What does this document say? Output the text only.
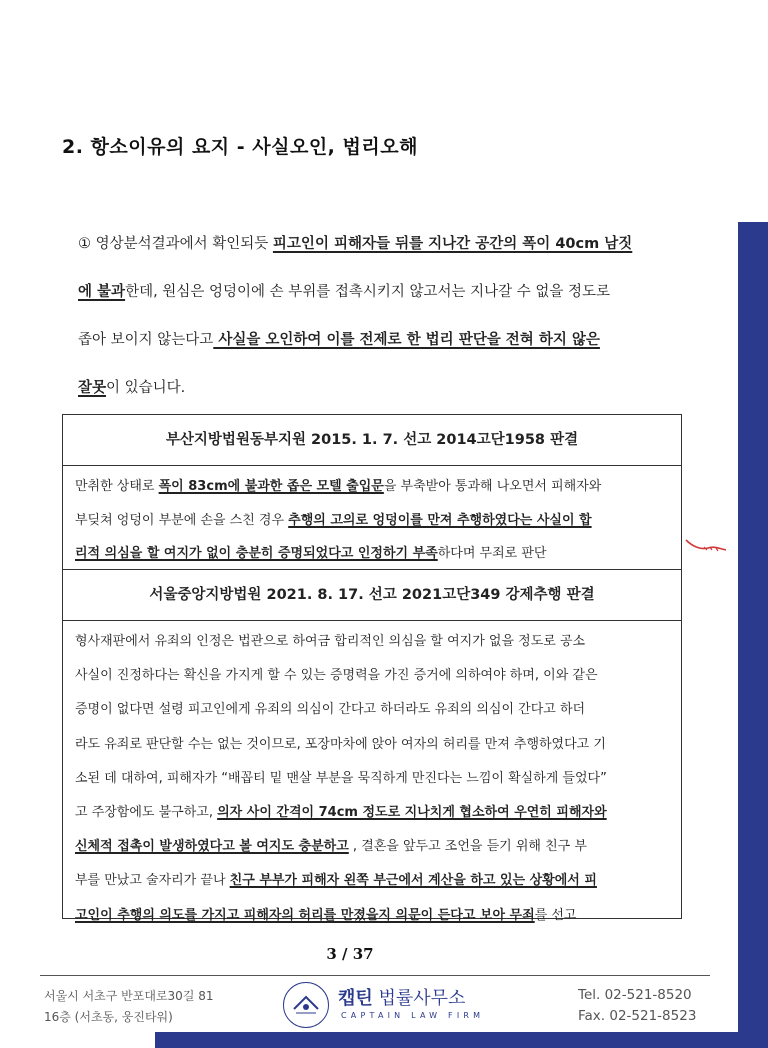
2. 항소이유의 요지 - 사실오인, 법리오해
① 영상분석결과에서 확인되듯 피고인이 피해자들 뒤를 지나간 공간의 폭이 40cm 남짓
에 불과한데, 원심은 엉덩이에 손 부위를 접촉시키지 않고서는 지나갈 수 없을 정도로
좁아 보이지 않는다고 사실을 오인하여 이를 전제로 한 법리 판단을 전혀 하지 않은
잘못이 있습니다.
부산지방법원동부지원 2015. 1. 7. 선고 2014고단1958 판결
만취한 상태로 폭이 83cm에 불과한 좁은 모텔 출입문을 부축받아 통과해 나오면서 피해자와
부딪쳐 엉덩이 부분에 손을 스친 경우 추행의 고의로 엉덩이를 만져 추행하였다는 사실이 합
리적 의심을 할 여지가 없이 충분히 증명되었다고 인정하기 부족하다며 무죄로 판단
서울중앙지방법원 2021. 8. 17. 선고 2021고단349 강제추행 판결
형사재판에서 유죄의 인정은 법관으로 하여금 합리적인 의심을 할 여지가 없을 정도로 공소
사실이 진정하다는 확신을 가지게 할 수 있는 증명력을 가진 증거에 의하여야 하며, 이와 같은
증명이 없다면 설령 피고인에게 유죄의 의심이 간다고 하더라도 유죄의 의심이 간다고 하더
라도 유죄로 판단할 수는 없는 것이므로, 포장마차에 앉아 여자의 허리를 만져 추행하였다고 기
소된 데 대하여, 피해자가 “배꼽티 밑 맨살 부분을 묵직하게 만진다는 느낌이 확실하게 들었다”
고 주장함에도 불구하고, 의자 사이 간격이 74cm 정도로 지나치게 협소하여 우연히 피해자와
신체적 접촉이 발생하였다고 볼 여지도 충분하고 , 결혼을 앞두고 조언을 듣기 위해 친구 부
부를 만났고 술자리가 끝나 친구 부부가 피해자 왼쪽 부근에서 계산을 하고 있는 상황에서 피
고인이 추행의 의도를 가지고 피해자의 허리를 만졌을지 의문이 든다고 보아 무죄를 선고
3 / 37
서울시 서초구 반포대로30길 81
16층 (서초동, 웅진타워)
캡틴 법률사무소
CAPTAIN LAW FIRM
Tel. 02-521-8520
Fax. 02-521-8523
